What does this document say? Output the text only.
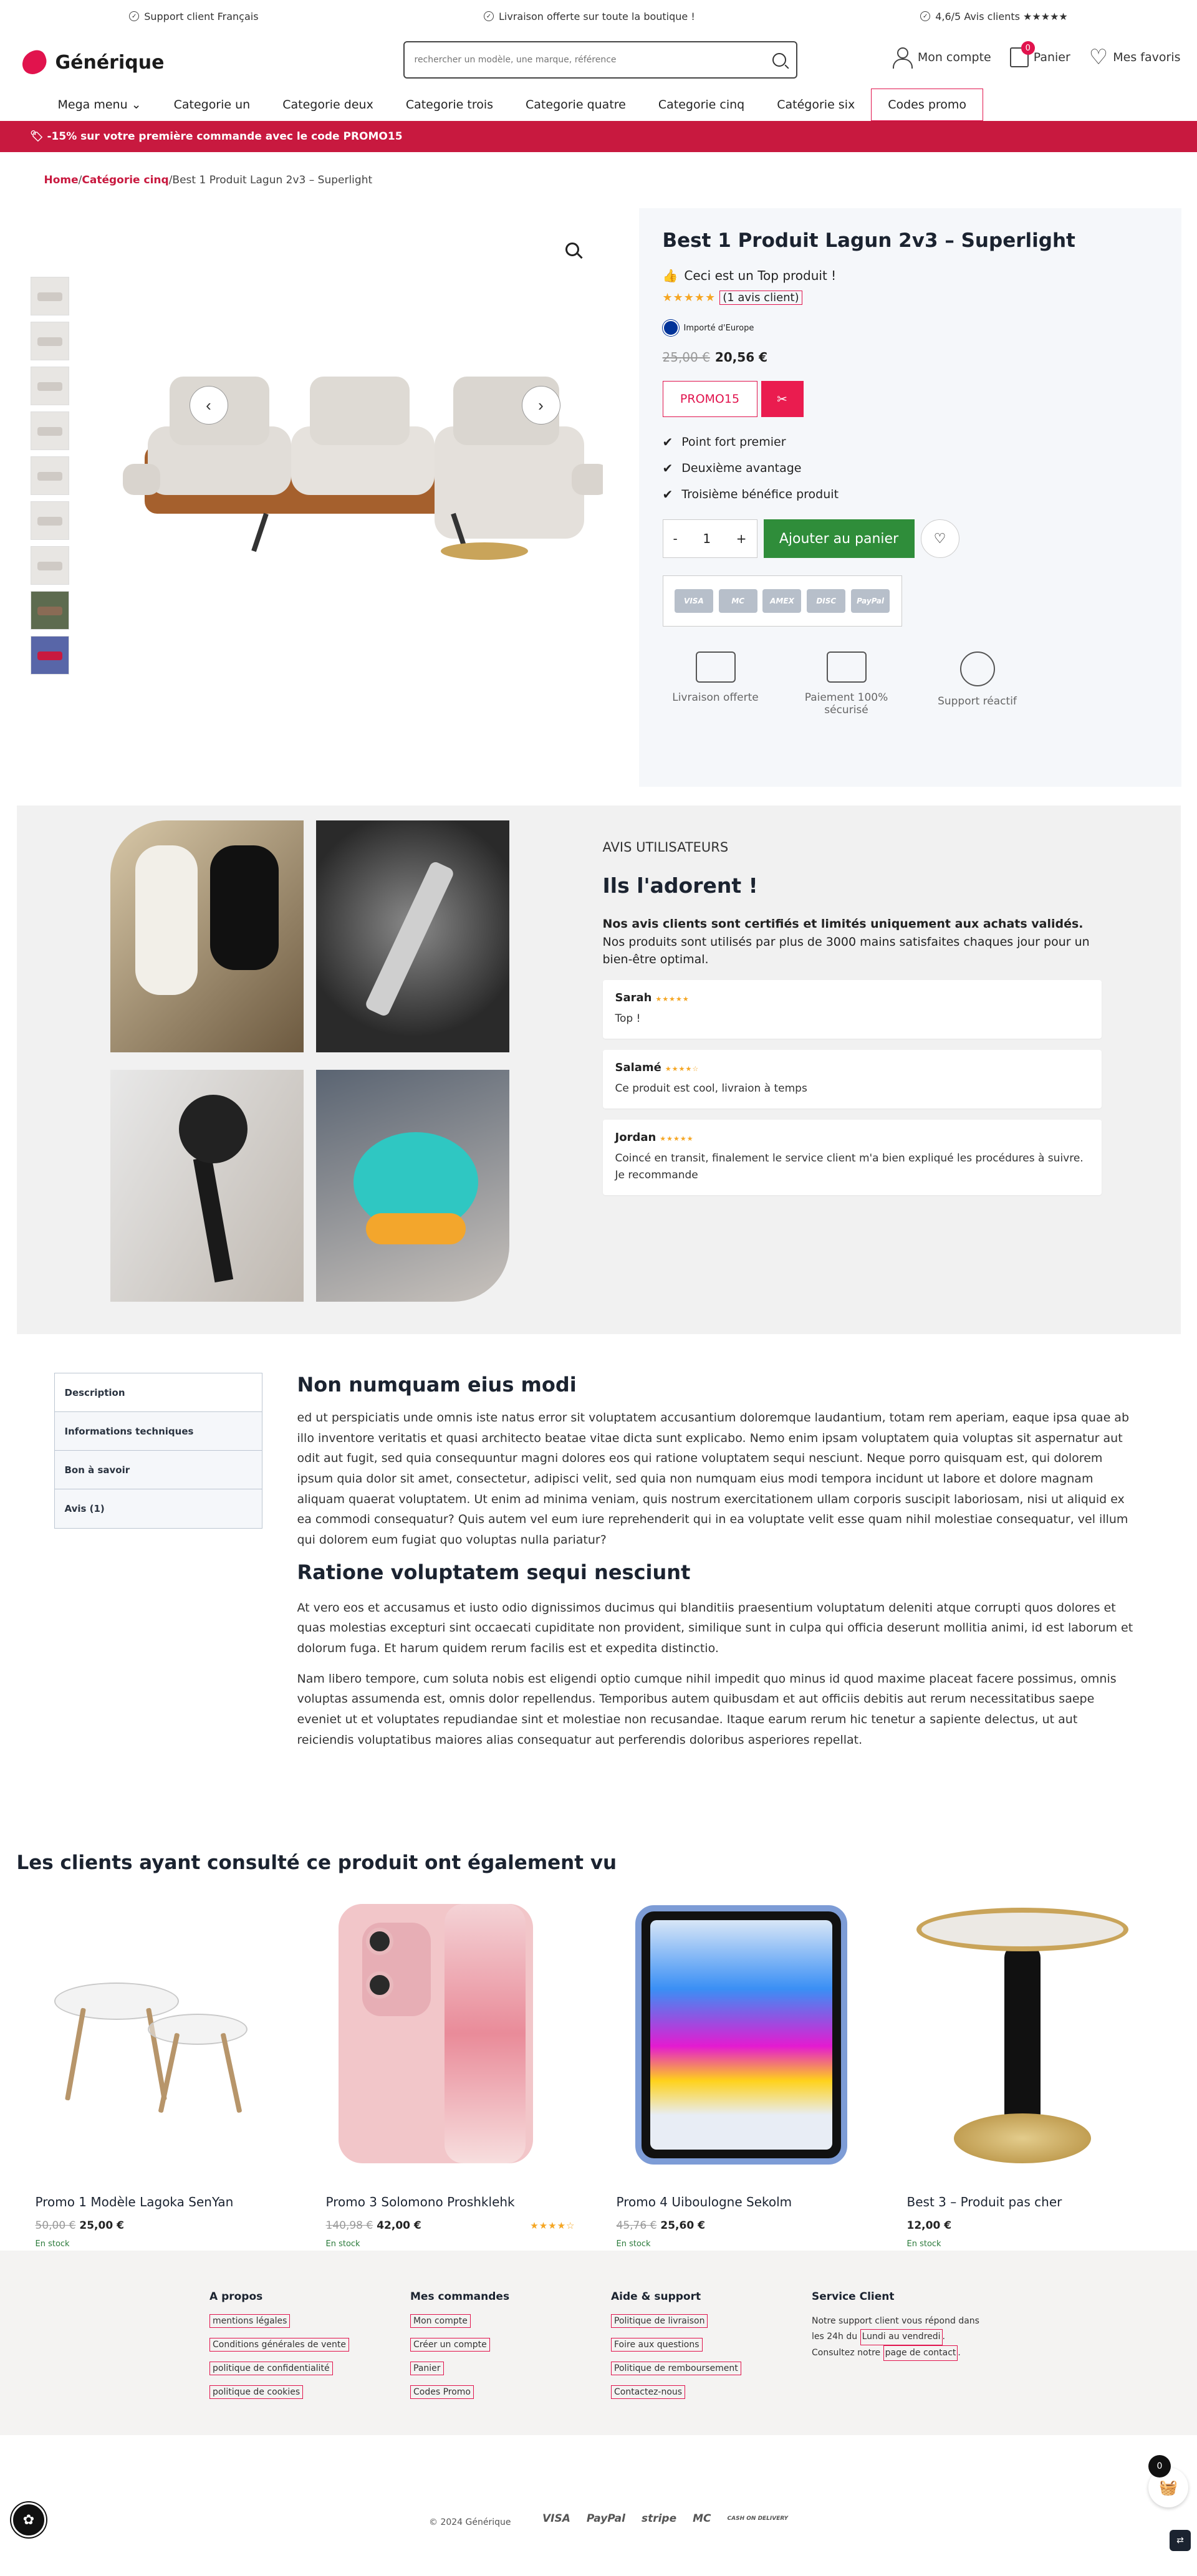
✓ Support client Français	✓ Livraison offerte sur toute la boutique !	✓ 4,6/5 Avis clients ★★★★★
Générique
rechercher un modèle, une marque, référence	Mon compte
0
Panier ♡ Mes favoris
Mega menu ⌄	Categorie un	Categorie deux	Categorie trois	Categorie quatre	Categorie cinq	Catégorie six	Codes promo
🏷 -15% sur votre première commande avec le code PROMO15
Home / Catégorie cinq / Best 1 Produit Lagun 2v3 – Superlight
‹	›
Best 1 Produit Lagun 2v3 – Superlight
👍 Ceci est un Top produit !
★★★★★ (1 avis client)
Importé d'Europe
25,00 € 20,56 €
PROMO15	✂
✔ Point fort premier
✔ Deuxième avantage
✔ Troisième bénéfice produit
- 1 +	Ajouter au panier	♡
VISA	MC	AMEX	DISC	PayPal
Livraison offerte	Paiement 100% sécurisé
Support réactif
AVIS UTILISATEURS
Ils l'adorent !
Nos avis clients sont certifiés et limités uniquement aux achats validés.
Nos produits sont utilisés par plus de 3000 mains satisfaites chaques jour pour un bien-être optimal.
Sarah ★★★★★
Top !
Salamé ★★★★☆
Ce produit est cool, livraion à temps
Jordan ★★★★★
Coincé en transit, finalement le service client m'a bien expliqué les procédures à suivre. Je recommande
Description
Informations techniques
Bon à savoir
Avis (1)
Non numquam eius modi

ed ut perspiciatis unde omnis iste natus error sit voluptatem accusantium doloremque laudantium, totam rem aperiam, eaque ipsa quae ab illo inventore veritatis et quasi architecto beatae vitae dicta sunt explicabo. Nemo enim ipsam voluptatem quia voluptas sit aspernatur aut odit aut fugit, sed quia consequuntur magni dolores eos qui ratione voluptatem sequi nesciunt. Neque porro quisquam est, qui dolorem ipsum quia dolor sit amet, consectetur, adipisci velit, sed quia non numquam eius modi tempora incidunt ut labore et dolore magnam aliquam quaerat voluptatem. Ut enim ad minima veniam, quis nostrum exercitationem ullam corporis suscipit laboriosam, nisi ut aliquid ex ea commodi consequatur? Quis autem vel eum iure reprehenderit qui in ea voluptate velit esse quam nihil molestiae consequatur, vel illum qui dolorem eum fugiat quo voluptas nulla pariatur?

Ratione voluptatem sequi nesciunt

At vero eos et accusamus et iusto odio dignissimos ducimus qui blanditiis praesentium voluptatum deleniti atque corrupti quos dolores et quas molestias excepturi sint occaecati cupiditate non provident, similique sunt in culpa qui officia deserunt mollitia animi, id est laborum et dolorum fuga. Et harum quidem rerum facilis est et expedita distinctio.

Nam libero tempore, cum soluta nobis est eligendi optio cumque nihil impedit quo minus id quod maxime placeat facere possimus, omnis voluptas assumenda est, omnis dolor repellendus. Temporibus autem quibusdam et aut officiis debitis aut rerum necessitatibus saepe eveniet ut et voluptates repudiandae sint et molestiae non recusandae. Itaque earum rerum hic tenetur a sapiente delectus, ut aut reiciendis voluptatibus maiores alias consequatur aut perferendis doloribus asperiores repellat.

Les clients ayant consulté ce produit ont également vu
Promo 1 Modèle Lagoka SenYan
50,00 € 25,00 €
En stock
Promo 3 Solomono Proshklehk
140,98 € 42,00 €	★★★★☆
En stock
Promo 4 Uiboulogne Sekolm
45,76 € 25,60 €
En stock
Best 3 – Produit pas cher
12,00 €
En stock
A propos
mentions légales
Conditions générales de vente
politique de confidentialité
politique de cookies
Mes commandes
Mon compte
Créer un compte
Panier
Codes Promo
Aide & support
Politique de livraison
Foire aux questions
Politique de remboursement
Contactez-nous
Service Client
Notre support client vous répond dans les 24h du Lundi au vendredi . Consultez notre page de contact .
✿	© 2024 Générique	VISA PayPal stripe MC	CASH ON DELIVERY
0
🧺
⇄
